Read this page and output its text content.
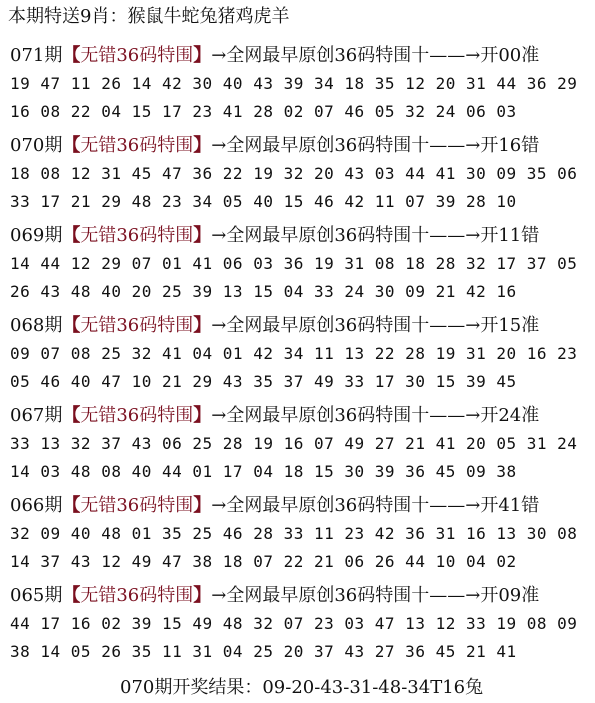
本期特送9肖：猴鼠牛蛇兔猪鸡虎羊
071期【无错36码特围】→全网最早原创36码特围十——→开00准
19 47 11 26 14 42 30 40 43 39 34 18 35 12 20 31 44 36 29
16 08 22 04 15 17 23 41 28 02 07 46 05 32 24 06 03
070期【无错36码特围】→全网最早原创36码特围十——→开16错
18 08 12 31 45 47 36 22 19 32 20 43 03 44 41 30 09 35 06
33 17 21 29 48 23 34 05 40 15 46 42 11 07 39 28 10
069期【无错36码特围】→全网最早原创36码特围十——→开11错
14 44 12 29 07 01 41 06 03 36 19 31 08 18 28 32 17 37 05
26 43 48 40 20 25 39 13 15 04 33 24 30 09 21 42 16
068期【无错36码特围】→全网最早原创36码特围十——→开15准
09 07 08 25 32 41 04 01 42 34 11 13 22 28 19 31 20 16 23
05 46 40 47 10 21 29 43 35 37 49 33 17 30 15 39 45
067期【无错36码特围】→全网最早原创36码特围十——→开24准
33 13 32 37 43 06 25 28 19 16 07 49 27 21 41 20 05 31 24
14 03 48 08 40 44 01 17 04 18 15 30 39 36 45 09 38
066期【无错36码特围】→全网最早原创36码特围十——→开41错
32 09 40 48 01 35 25 46 28 33 11 23 42 36 31 16 13 30 08
14 37 43 12 49 47 38 18 07 22 21 06 26 44 10 04 02
065期【无错36码特围】→全网最早原创36码特围十——→开09准
44 17 16 02 39 15 49 48 32 07 23 03 47 13 12 33 19 08 09
38 14 05 26 35 11 31 04 25 20 37 43 27 36 45 21 41
070期开奖结果：09-20-43-31-48-34T16兔
